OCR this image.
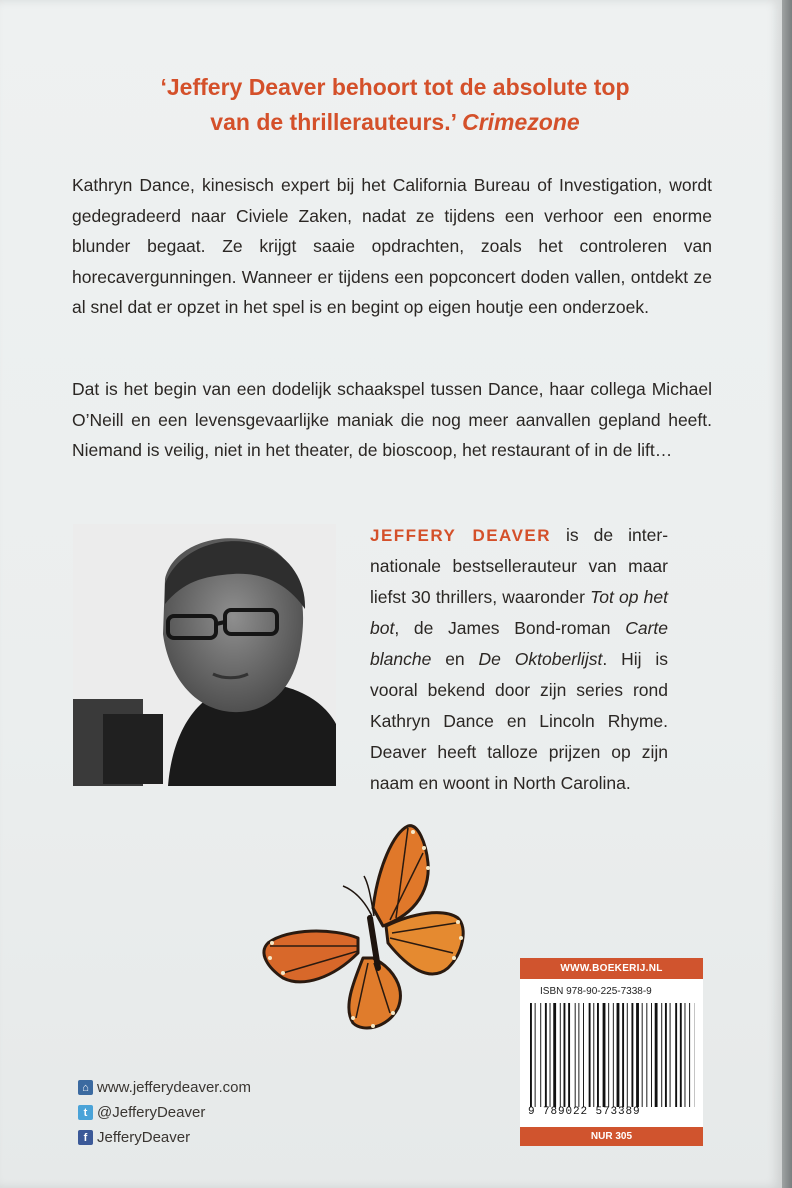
‘Jeffery Deaver behoort tot de absolute top
van de thrillerauteurs.’ Crimezone
Kathryn Dance, kinesisch expert bij het California Bureau of Investigation, wordt gedegradeerd naar Civiele Zaken, nadat ze tijdens een verhoor een enorme blunder begaat. Ze krijgt saaie opdrachten, zoals het controleren van horecavergunningen. Wanneer er tijdens een popconcert doden vallen, ontdekt ze al snel dat er opzet in het spel is en begint op eigen houtje een onderzoek.
Dat is het begin van een dodelijk schaakspel tussen Dance, haar collega Michael O’Neill en een levensgevaarlijke maniak die nog meer aanvallen gepland heeft. Niemand is veilig, niet in het theater, de bioscoop, het restaurant of in de lift…
JEFFERY DEAVER is de internationale bestsellerauteur van maar liefst 30 thrillers, waaronder Tot op het bot, de James Bond-roman Carte blanche en De Oktoberlijst. Hij is vooral bekend door zijn series rond Kathryn Dance en Lincoln Rhyme. Deaver heeft talloze prijzen op zijn naam en woont in North Carolina.
⌂ www.jefferydeaver.com
t @JefferyDeaver
f JefferyDeaver
WWW.BOEKERIJ.NL
ISBN 978-90-225-7338-9
9 789022 573389
NUR 305
